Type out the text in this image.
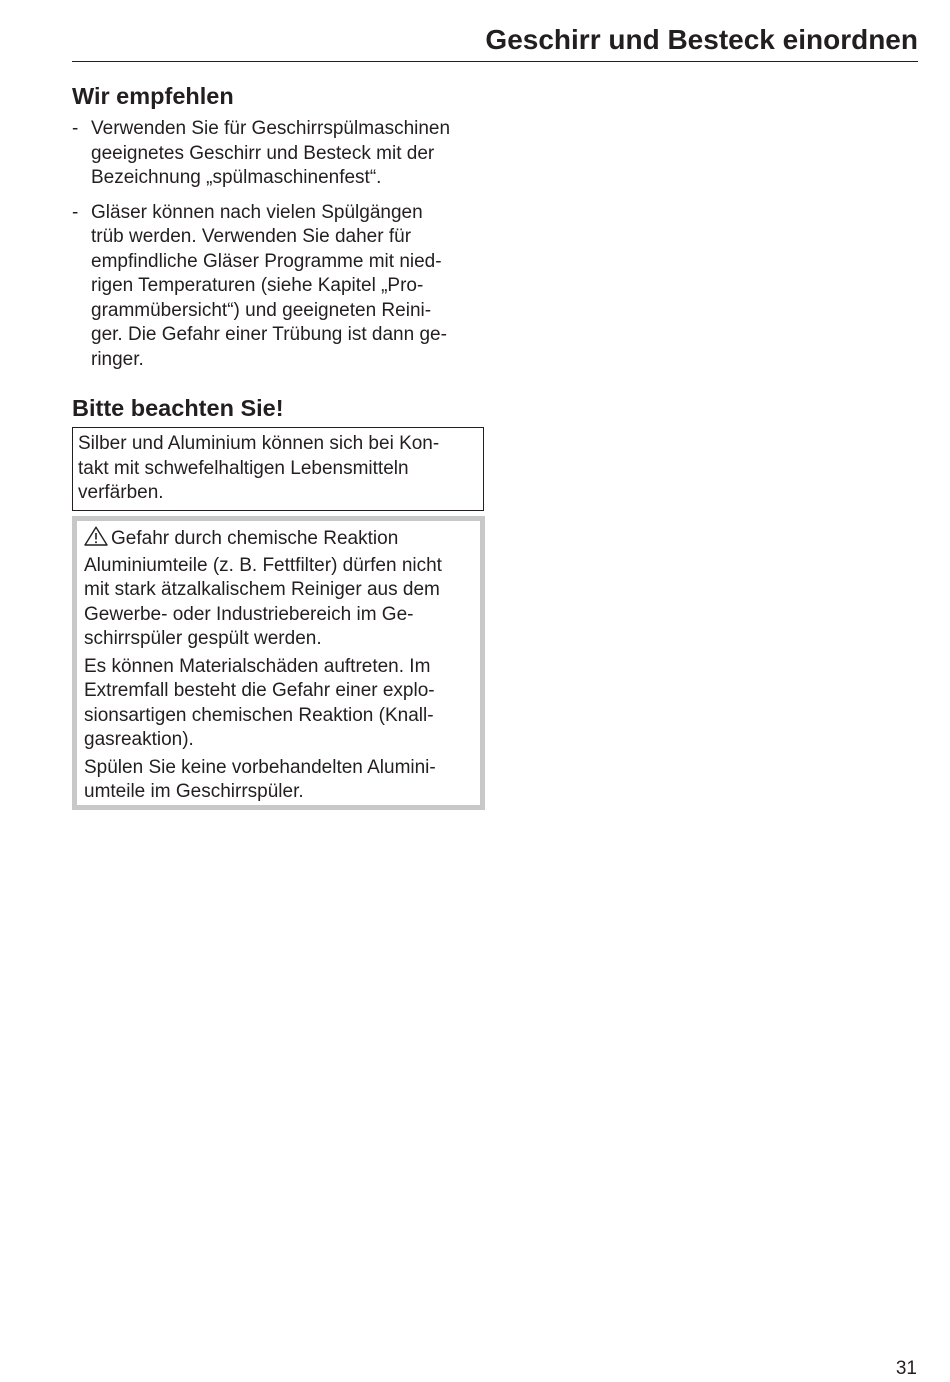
Geschirr und Besteck einordnen
Wir empfehlen
- Verwenden Sie für Geschirrspülmaschinen
geeignetes Geschirr und Besteck mit der
Bezeichnung „spülmaschinenfest“.
- Gläser können nach vielen Spülgängen
trüb werden. Verwenden Sie daher für
empfindliche Gläser Programme mit nied-
rigen Temperaturen (siehe Kapitel „Pro-
grammübersicht“) und geeigneten Reini-
ger. Die Gefahr einer Trübung ist dann ge-
ringer.
Bitte beachten Sie!
Silber und Aluminium können sich bei Kon-
takt mit schwefelhaltigen Lebensmitteln
verfärben.
Gefahr durch chemische Reaktion
Aluminiumteile (z. B. Fettfilter) dürfen nicht
mit stark ätzalkalischem Reiniger aus dem
Gewerbe- oder Industriebereich im Ge-
schirrspüler gespült werden.
Es können Materialschäden auftreten. Im
Extremfall besteht die Gefahr einer explo-
sionsartigen chemischen Reaktion (Knall-
gasreaktion).
Spülen Sie keine vorbehandelten Alumini-
umteile im Geschirrspüler.
31
